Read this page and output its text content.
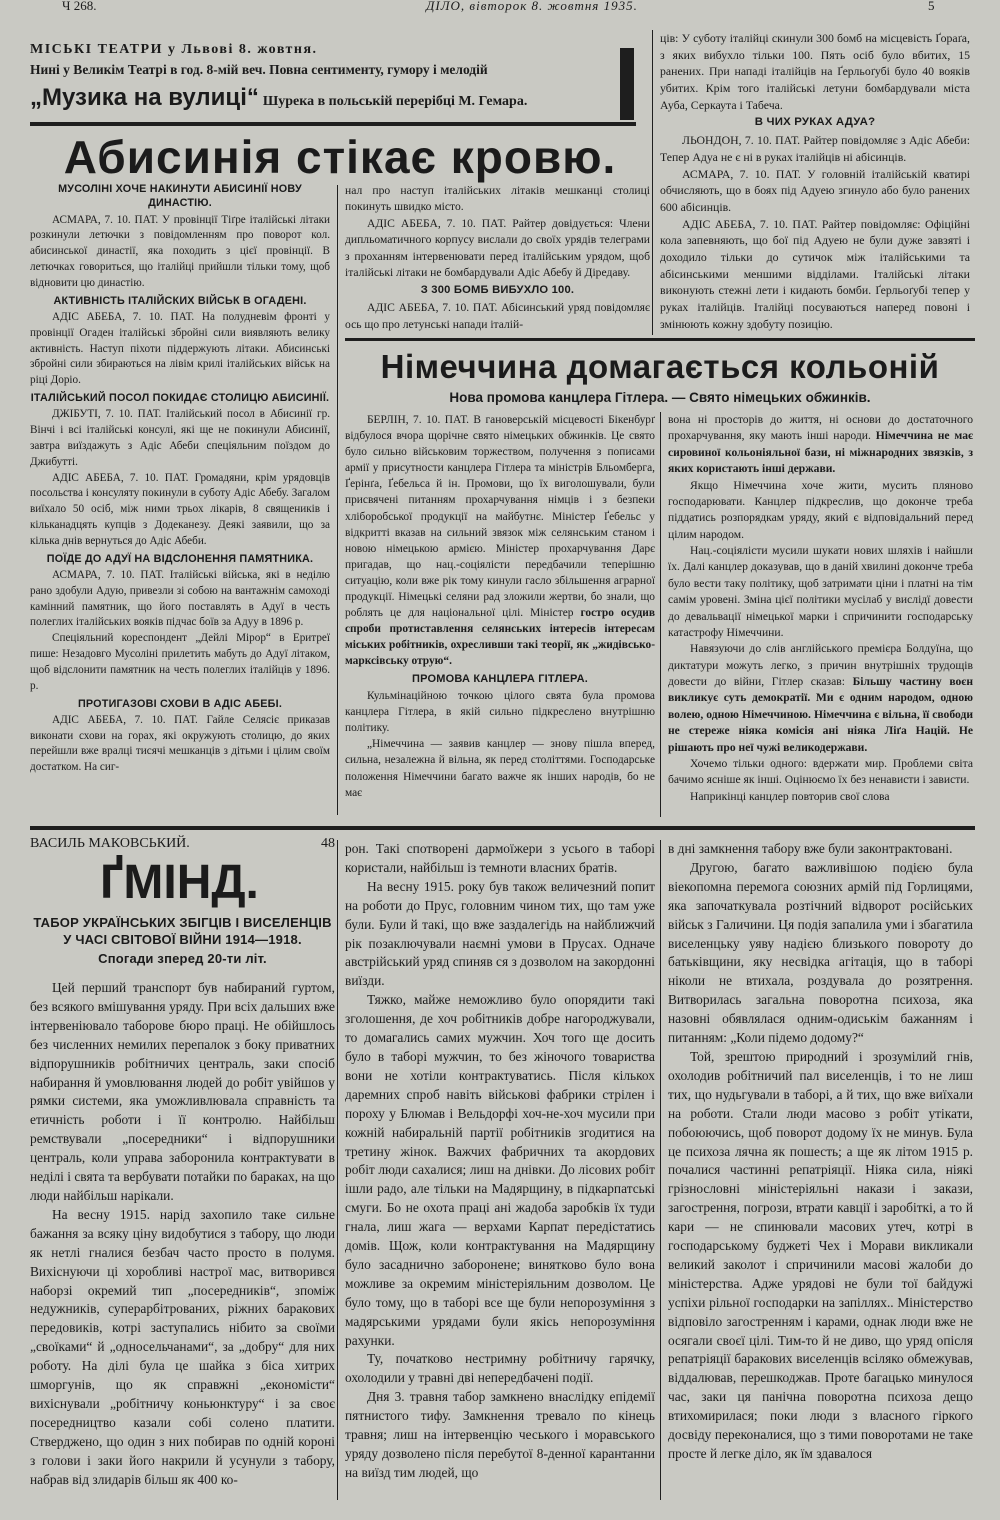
Ч 268.	ДІЛО, вівторок 8. жовтня 1935.	5
МІСЬКІ ТЕАТРИ у Львові 8. жовтня.
Нині у Великім Театрі в год. 8-мій веч. Повна сентименту, гумору і мелодій
„Музика на вулиці“ Шурека в польській перерібці М. Гемара.

ців: У суботу італійці скинули 300 бомб на місцевість Ґораґа, з яких вибухло тільки 100. Пять осіб було вбитих, 15 ранених. При нападі італійців на Ґерльоґубі було 40 вояків убитих. Крім того італійські летуни бомбардували міста Ауба, Серкаута і Табеча.

В ЧИХ РУКАХ АДУА?

ЛЬОНДОН, 7. 10. ПАТ. Райтер повідомляє з Адіс Абеби: Тепер Адуа не є ні в руках італійців ні абісинців.

АСМАРА, 7. 10. ПАТ. У головній італійській кватирі обчисляють, що в боях під Адуею згинуло або було ранених 600 абісинців.

АДІС АБЕБА, 7. 10. ПАТ. Райтер повідомляє: Офіційні кола запевняють, що бої під Адуею не були дуже завзяті і доходило тільки до сутичок між італійськими та абісинськими меншими відділами. Італійські літаки виконують стежні лети і кидають бомби. Ґерльоґубі тепер у руках італійців. Італійці посуваються наперед повоні і змінюють кожну здобуту позицію.

Абисинія стікає кровю.
МУСОЛІНІ ХОЧЕ НАКИНУТИ АБИСИНІЇ НОВУ ДИНАСТІЮ.

АСМАРА, 7. 10. ПАТ. У провінції Тіґре італійські літаки розкинули летючки з повідомленням про поворот кол. абисинської династії, яка походить з цієї провінції. В летючках говориться, що італійці прийшли тільки тому, щоб відновити цю династію.

АКТИВНІСТЬ ІТАЛІЙСКИХ ВІЙСЬК В ОГАДЕНІ.

АДІС АБЕБА, 7. 10. ПАТ. На полудневім фронті у провінції Огаден італійські збройні сили виявляють велику активність. Наступ піхоти піддержують літаки. Абисинські збройні сили збираються на лівім крилі італійських військ на ріці Доріо.

ІТАЛІЙСЬКИЙ ПОСОЛ ПОКИДАЄ СТОЛИЦЮ АБИСИНІЇ.

ДЖІБУТІ, 7. 10. ПАТ. Італійський посол в Абисинії гр. Вінчі і всі італійські консулі, які ще не покинули Абисинії, завтра виїздажуть з Адіс Абеби спеціяльним поїздом до Джибутті.

АДІС АБЕБА, 7. 10. ПАТ. Громадяни, крім урядовців посольства і консуляту покинули в суботу Адіс Абебу. Загалом виїхало 50 осіб, між ними трьох лікарів, 8 священиків і кільканадцять купців з Додеканезу. Деякі заявили, що за кілька днів вернуться до Адіс Абеби.

ПОЇДЕ ДО АДУЇ НА ВІДСЛОНЕННЯ ПАМЯТНИКА.

АСМАРА, 7. 10. ПАТ. Італійські війська, які в неділю рано здобули Адую, привезли зі собою на вантажнім самоході камінний памятник, що його поставлять в Адуї в честь полеглих італійських вояків підчас боїв за Адуу в 1896 р.

Спеціяльний кореспондент „Дейлі Мірор“ в Еритреї пише: Незадовго Мусоліні прилетить мабуть до Адуї літаком, щоб відслонити памятник на честь полеглих італійців у 1896. р.

ПРОТИГАЗОВІ СХОВИ В АДІС АБЕБІ.

АДІС АБЕБА, 7. 10. ПАТ. Гайле Селясіє приказав виконати схови на горах, які окружують столицю, до яких перейшли вже вралці тисячі мешканців з дітьми і цілим своїм достатком. На сиг-

нал про наступ італійських літаків мешканці столиці покинуть швидко місто.

АДІС АБЕБА, 7. 10. ПАТ. Райтер довідується: Члени дипльоматичного корпусу вислали до своїх урядів телеграми з проханням інтервенювати перед італійським урядом, щоб італійські літаки не бомбардували Адіс Абебу й Діредаву.

З 300 БОМБ ВИБУХЛО 100.

АДІС АБЕБА, 7. 10. ПАТ. Абісинський уряд повідомляє ось що про летунські напади італій-

Німеччина домагається кольоній
Нова промова канцлера Гітлера. — Свято німецьких обжинків.

БЕРЛІН, 7. 10. ПАТ. В гановерській місцевості Бікенбурґ відбулося вчора щорічне свято німецьких обжинків. Це свято було сильно військовим торжеством, получення з пописами армії у присутности канцлера Гітлера та міністрів Бльомберга, Ґерінґа, Ґебельса й ін. Промови, що їх виголошували, були присвячені питанням прохарчування німців і з безпеки хліборобської продукції на майбутнє. Міністер Ґебельс у відкритті вказав на сильний звязок між селянським станом і новою німецькою армією. Міністер прохарчування Дарє пригадав, що нац.-соціялісти передбачили теперішню ситуацію, коли вже рік тому кинули гасло збільшення аграрної продукції. Німецькі селяни рад зложили жертви, бо знали, що роблять це для національної цілі. Міністер гостро осудив спроби протиставлення селянських інтересів інтересам міських робітників, охресливши такі теорії, як „жидівсько-марксівську отрую“.

ПРОМОВА КАНЦЛЕРА ГІТЛЕРА.

Кульмінаційною точкою цілого свята була промова канцлера Гітлера, в якій сильно підкреслено внутрішню політику.

„Німеччина — заявив канцлер — знову пішла вперед, сильна, незалежна й вільна, як перед століттями. Господарське положення Німеччини багато важче як інших народів, бо не має

вона ні просторів до життя, ні основи до достаточного прохарчування, яку мають інші народи. Німеччина не має сировиної кольоніяльної бази, ні міжнародних звязків, з яких користають інші держави.

Якщо Німеччина хоче жити, мусить пляново господарювати. Канцлер підкреслив, що доконче треба піддатись розпорядкам уряду, який є відповідальний перед цілим народом.

Нац.-соціялісти мусили шукати нових шляхів і найшли їх. Далі канцлер доказував, що в даній хвилині доконче треба було вести таку політику, щоб затримати ціни і платні на тім самім уровені. Зміна цієї політики мусілаб у вислідї довести до девальвації німецької марки і спричинити господарську катастрофу Німеччини.

Навязуючи до слів англійського премієра Болдуїна, що диктатури можуть легко, з причин внутрішніх трудощів довести до війни, Гітлер сказав: Більшу частину воєн викликує суть демократії. Ми є одним народом, одною волею, одною Німеччиною. Німеччина є вільна, її свободи не стереже ніяка комісія ані ніяка Ліґа Націй. Не рішають про неї чужі великодержави.

Хочемо тільки одного: вдержати мир. Проблеми світа бачимо ясніше як інші. Оцінюємо їх без ненависти і зависти.

Наприкінці канцлер повторив свої слова

ВАСИЛЬ МАКОВСЬКИЙ.	48
ҐМІНД.
ТАБОР УКРАЇНСЬКИХ ЗБІГЦІВ І ВИСЕЛЕНЦІВ У ЧАСІ СВІТОВОЇ ВІЙНИ 1914—1918.
Спогади зперед 20-ти літ.

Цей перший транспорт був набираний гуртом, без всякого вмішування уряду. При всіх дальших вже інтервеніювало таборове бюро праці. Не обійшлось без численних немилих перепалок з боку приватних відпорушників робітничих централь, заки спосіб набирання й умовлювання людей до робіт увійшов у рямки системи, яка уможливлювала справність та етичність роботи і її контролю. Найбільш ремствували „посередники“ і відпорушники централь, коли управа заборонила контрактувати в неділі і свята та вербувати потайки по бараках, на що люди найбільш нарікали.

На весну 1915. нарід захопило таке сильне бажання за всяку ціну видобутися з табору, що люди як нетлі гналися безбач часто просто в полумя. Вихіснуючи ці хоробливі настрої мас, витворився наборзі окремий тип „посередників“, зпоміж недужників, суперарбітрованих, ріжних баракових передовиків, котрі заступались нібито за своїми „своїками“ й „односельчанами“, за „добру“ для них роботу. На ділі була це шайка з біса хитрих шморгунів, що як справжні „економісти“ вихіснували „робітничу коньюнктуру“ і за своє посередництво казали собі солено платити. Стверджено, що один з них побирав по одній короні з голови і заки його накрили й усунули з табору, набрав від злидарів більш як 400 ко-

рон. Такі спотворені дармоїжери з усього в таборі користали, найбільш із темноти власних братів.

На весну 1915. року був також величезний попит на роботи до Прус, головним чином тих, що там уже були. Були й такі, що вже заздалегідь на найближчий рік позаключували наємні умови в Прусах. Одначе австрійський уряд спиняв ся з дозволом на закордонні виїзди.

Тяжко, майже неможливо було опорядити такі зголошення, де хоч робітників добре нагороджували, то домагались самих мужчин. Хоч того ще досить було в таборі мужчин, то без жіночого товариства вони не хотіли контрактуватись. Після кількох даремних спроб навіть військові фабрики стрілен і пороху у Блюмав і Вельдорфі хоч-не-хоч мусили при кожній набиральній партії робітників згодитися на третину жінок. Важчих фабричних та акордових робіт люди сахалися; лиш на днівки. До лісових робіт ішли радо, але тільки на Мадярщину, в підкарпатські смуги. Бо не охота праці ані жадоба заробків їх туди гнала, лиш жага — верхами Карпат передістатись домів. Щож, коли контрактування на Мадярщину було засаднично заборонене; винятково було вона можливе за окремим міністеріяльним дозволом. Це було тому, що в таборі все ще були непорозуміння з мадярськими урядами були якісь непорозуміння рахунки.

Ту, початково нестримну робітничу гарячку, охолодили у травні дві непередбачені події.

Дня 3. травня табор замкнено внаслідку епідемії пятнистого тифу. Замкнення тревало по кінець травня; лиш на інтервенцію чеського і моравського уряду дозволено після перебутої 8-денної карантанни на виїзд тим людей, що

в дні замкнення табору вже були законтрактовані.

Другою, багато важливішою подією була віекопомна перемога союзних армій під Горлицями, яка започаткувала розтічний відворот російських військ з Галичини. Ця подія запалила уми і збагатила виселенцьку уяву надією близького повороту до батьківщини, яку несвідка агітація, що в таборі ніколи не втихала, роздувала до розятрення. Витворилась загальна поворотна психоза, яка назовні обявлялася одним-одиськім бажанням і питанням: „Коли підемо додому?“

Той, зрештою природний і зрозумілий гнів, охолодив робітничий пал виселенців, і то не лиш тих, що нудьгували в таборі, а й тих, що вже виїхали на роботи. Стали люди масово з робіт утікати, побоюючись, щоб поворот додому їх не минув. Була це психоза лячна як пошесть; а ще як літом 1915 р. почалися частинні репатріяції. Ніяка сила, ніякі грізнословні міністеріяльні накази і закази, загострення, погрози, втрати кавції і заробіткі, а то й кари — не спинювали масових утеч, котрі в господарському буджеті Чех і Морави викликали великий заколот і спричинили масові жалоби до міністерства. Адже урядові не були тої байдужі успіхи рільної господарки на запіллях.. Міністерство відповіло загостренням і карами, однак люди вже не осягали своєї цілі. Тим-то й не диво, що уряд опісля репатріяції баракових виселенців всіляко обмежував, віддалював, перешкоджав. Проте багацько минулося час, заки ця панічна поворотна психоза дещо втихомирилася; поки люди з власного гіркого досвіду переконалися, що з тими поворотами не таке просте й легке діло, як їм здавалося
